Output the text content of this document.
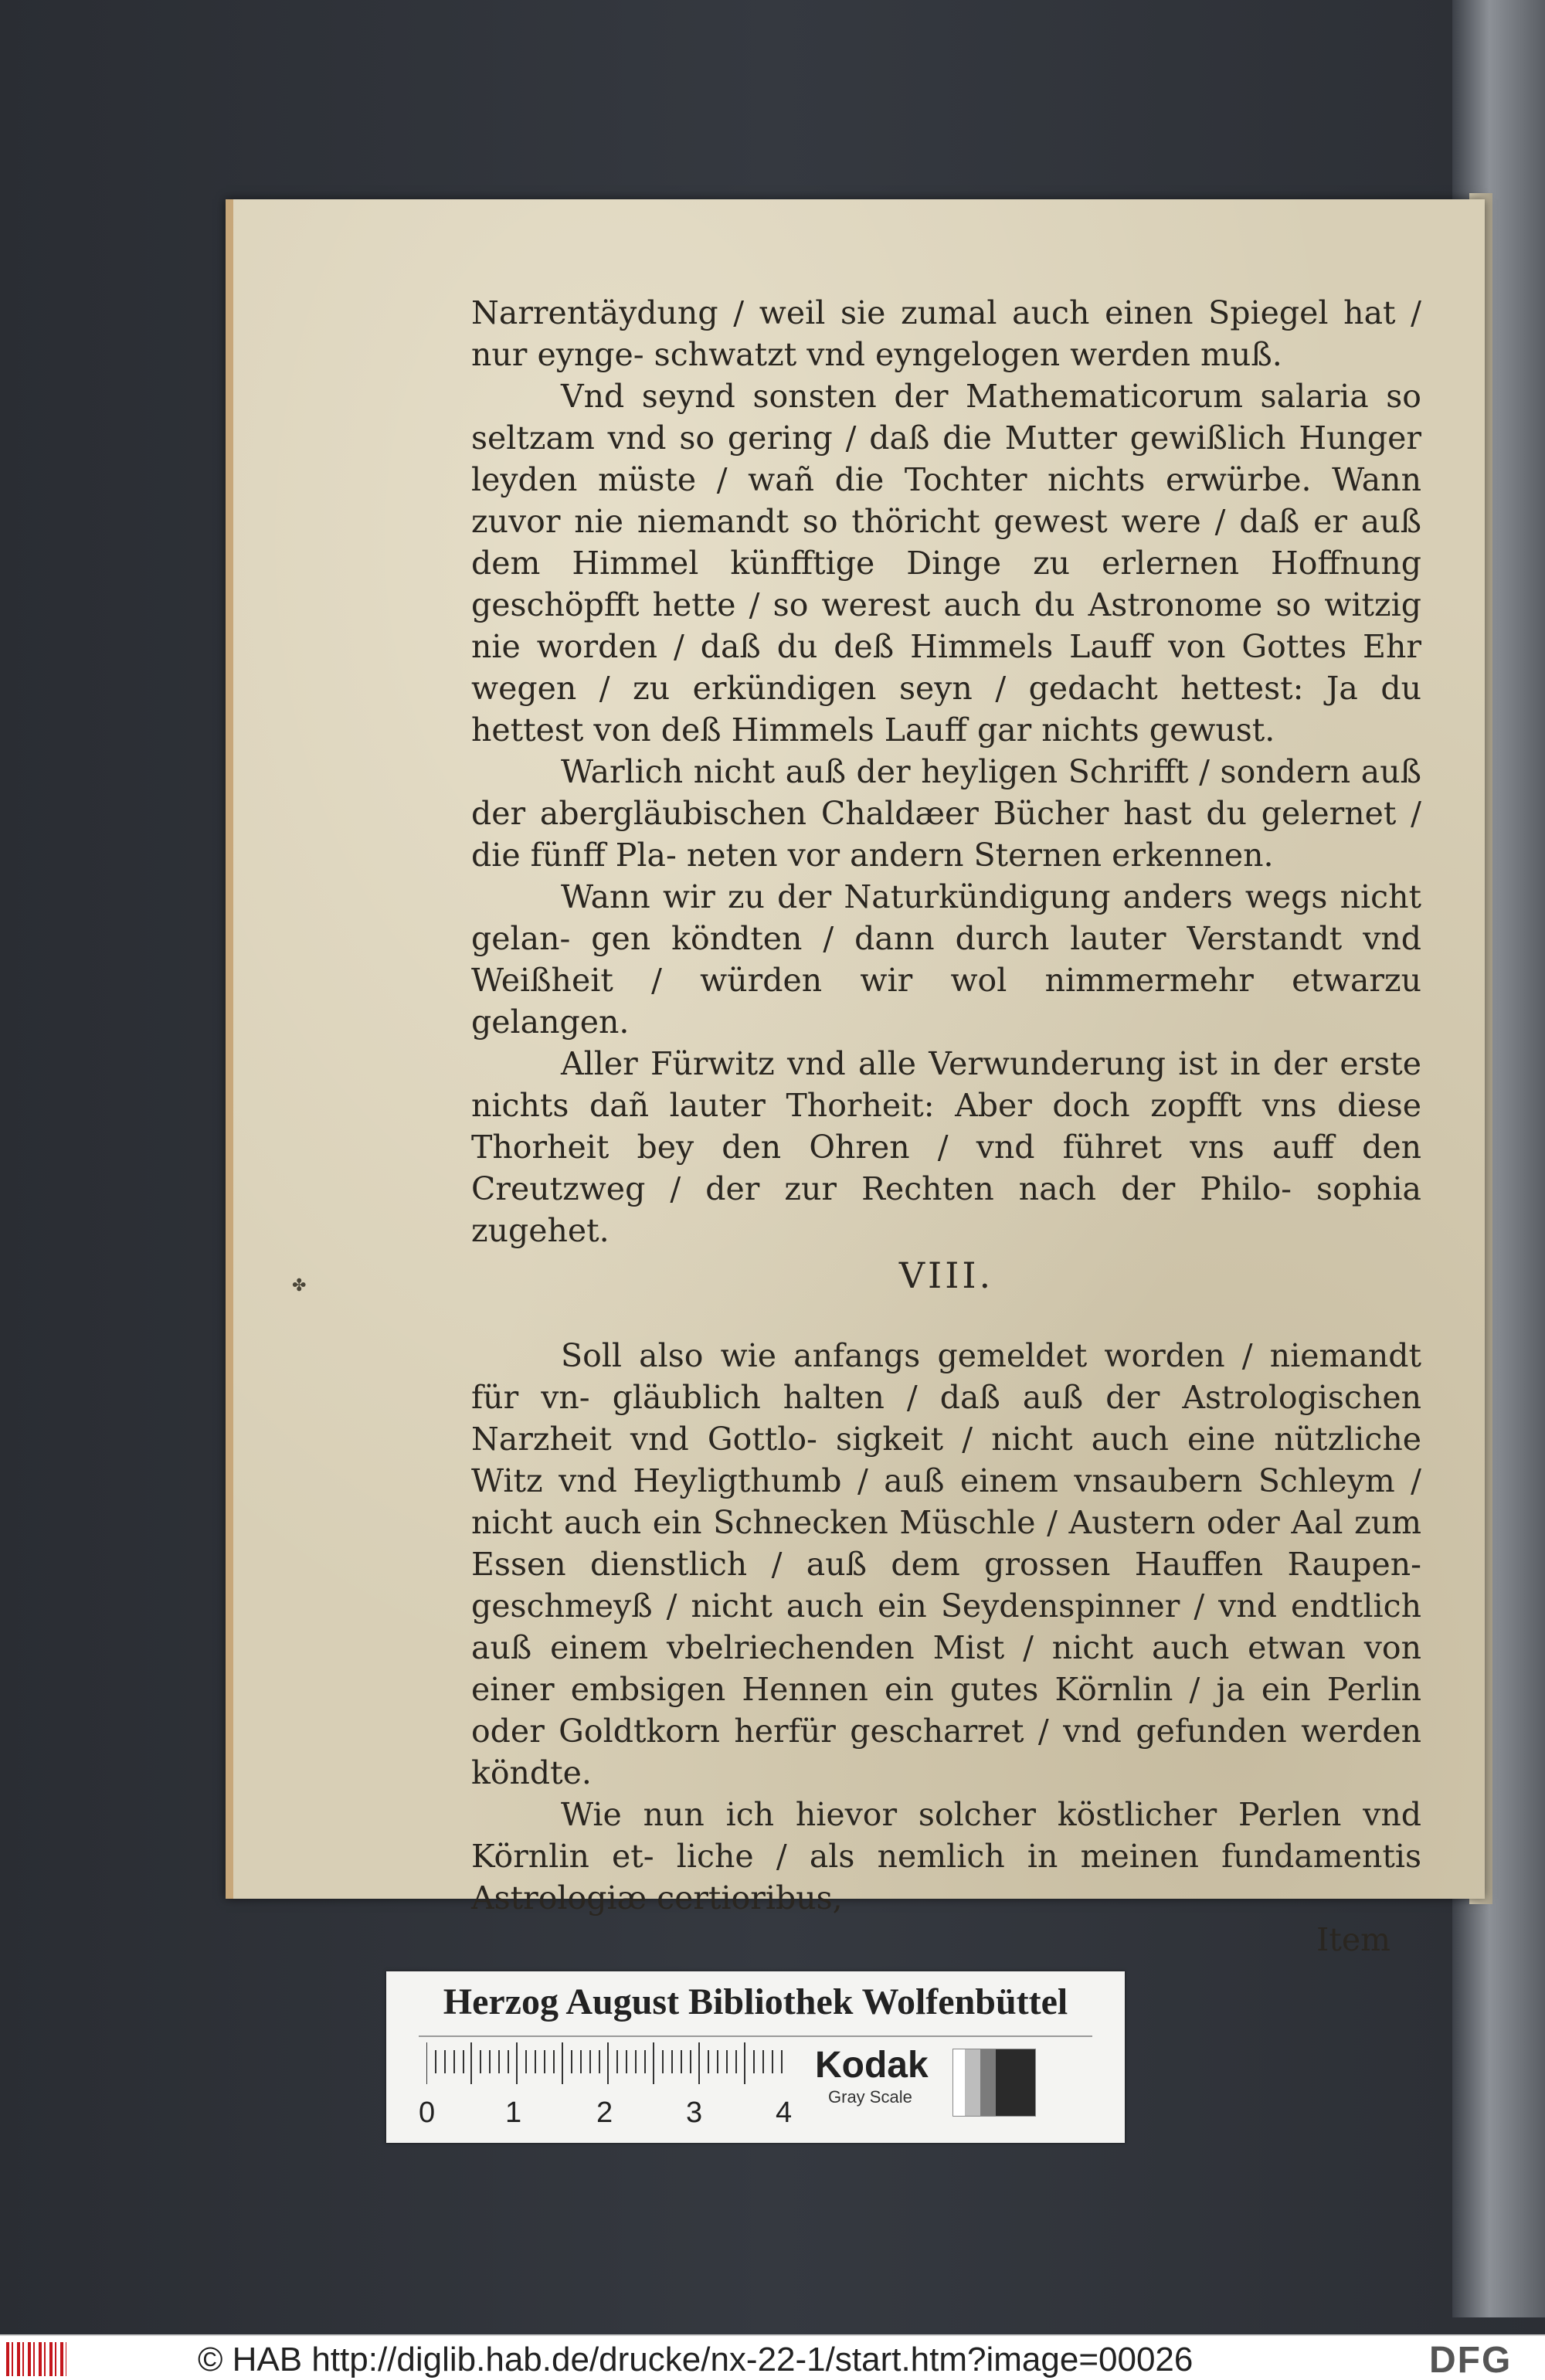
✤

Narrentäydung / weil sie zumal auch einen Spiegel hat / nur eynge- schwatzt vnd eyngelogen werden muß.

Vnd seynd sonsten der Mathematicorum salaria so seltzam vnd so gering / daß die Mutter gewißlich Hunger leyden müste / wañ die Tochter nichts erwürbe. Wann zuvor nie niemandt so thöricht gewest were / daß er auß dem Himmel künfftige Dinge zu erlernen Hoffnung geschöpfft hette / so werest auch du Astronome so witzig nie worden / daß du deß Himmels Lauff von Gottes Ehr wegen / zu erkündigen seyn / gedacht hettest: Ja du hettest von deß Himmels Lauff gar nichts gewust.

Warlich nicht auß der heyligen Schrifft / sondern auß der abergläubischen Chaldæer Bücher hast du gelernet / die fünff Pla- neten vor andern Sternen erkennen.

Wann wir zu der Naturkündigung anders wegs nicht gelan- gen köndten / dann durch lauter Verstandt vnd Weißheit / würden wir wol nimmermehr etwarzu gelangen.

Aller Fürwitz vnd alle Verwunderung ist in der erste nichts dañ lauter Thorheit: Aber doch zopfft vns diese Thorheit bey den Ohren / vnd führet vns auff den Creutzweg / der zur Rechten nach der Philo- sophia zugehet.

VIII.

Soll also wie anfangs gemeldet worden / niemandt für vn- gläublich halten / daß auß der Astrologischen Narzheit vnd Gottlo- sigkeit / nicht auch eine nützliche Witz vnd Heyligthumb / auß einem vnsaubern Schleym / nicht auch ein Schnecken Müschle / Austern oder Aal zum Essen dienstlich / auß dem grossen Hauffen Raupen- geschmeyß / nicht auch ein Seydenspinner / vnd endtlich auß einem vbelriechenden Mist / nicht auch etwan von einer embsigen Hennen ein gutes Körnlin / ja ein Perlin oder Goldtkorn herfür gescharret / vnd gefunden werden köndte.

Wie nun ich hievor solcher köstlicher Perlen vnd Körnlin et- liche / als nemlich in meinen fundamentis Astrologiæ certioribus,

Item
Herzog August Bibliothek Wolfenbüttel
0 1	2 3 4
Kodak
Gray Scale
© HAB http://diglib.hab.de/drucke/nx-22-1/start.htm?image=00026	DFG
